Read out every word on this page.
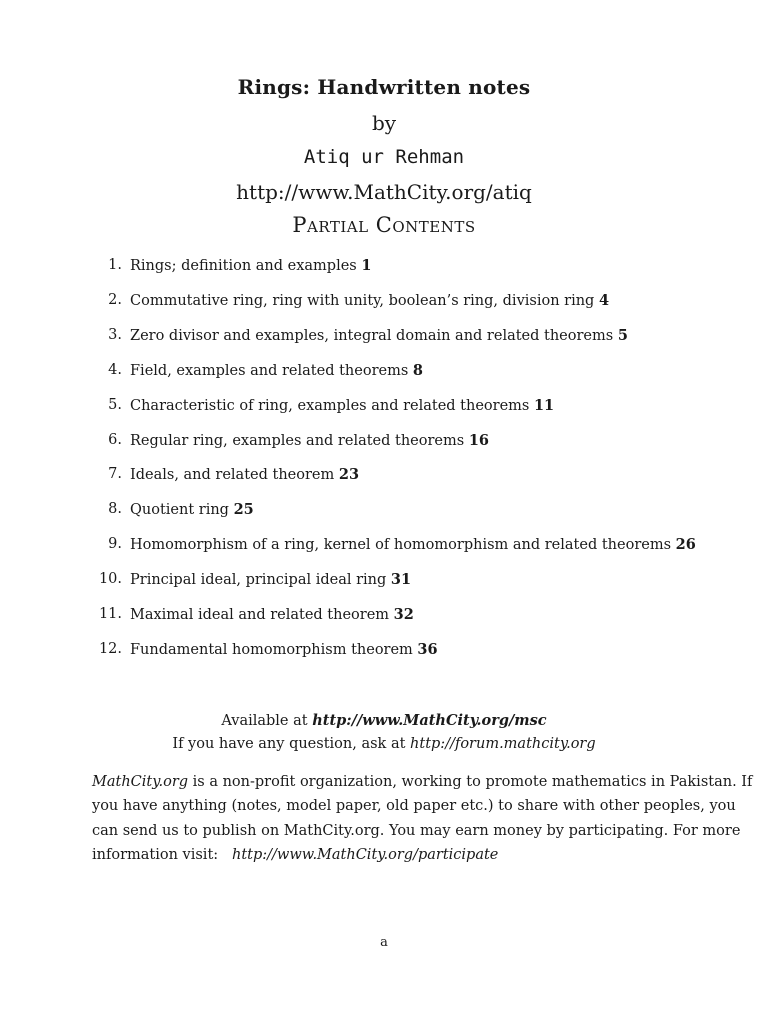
Rings: Handwritten notes
by
Atiq ur Rehman
http://www.MathCity.org/atiq
Partial Contents
1. Rings; definition and examples 1
2. Commutative ring, ring with unity, boolean’s ring, division ring 4
3. Zero divisor and examples, integral domain and related theorems 5
4. Field, examples and related theorems 8
5. Characteristic of ring, examples and related theorems 11
6. Regular ring, examples and related theorems 16
7. Ideals, and related theorem 23
8. Quotient ring 25
9. Homomorphism of a ring, kernel of homomorphism and related theorems 26
10. Principal ideal, principal ideal ring 31
11. Maximal ideal and related theorem 32
12. Fundamental homomorphism theorem 36
Available at http://www.MathCity.org/msc
If you have any question, ask at http://forum.mathcity.org
MathCity.org is a non-profit organization, working to promote mathematics in Pakistan. If
you have anything (notes, model paper, old paper etc.) to share with other peoples, you
can send us to publish on MathCity.org. You may earn money by participating. For more
information visit: http://www.MathCity.org/participate
a
